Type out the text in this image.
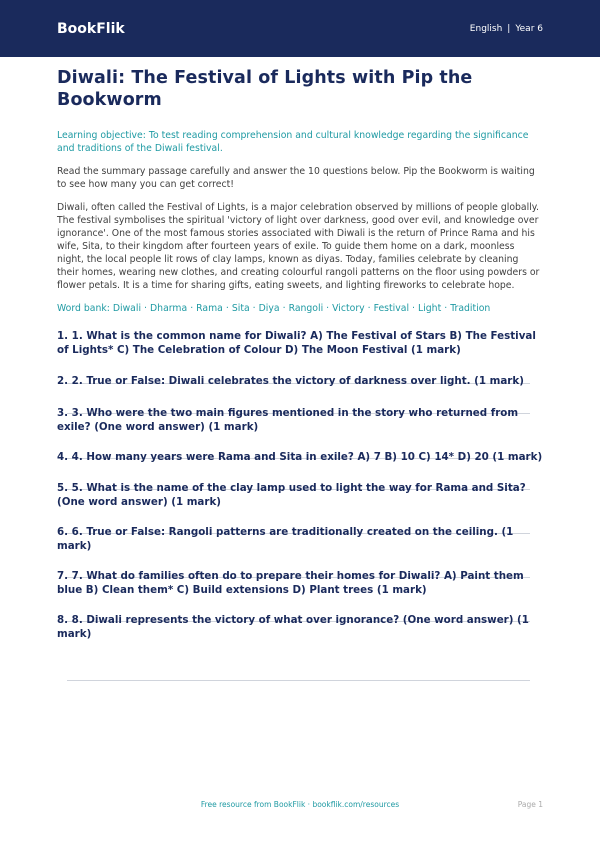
BookFlik	English | Year 6
Diwali: The Festival of Lights with Pip the Bookworm
Learning objective: To test reading comprehension and cultural knowledge regarding the significance and traditions of the Diwali festival.
Read the summary passage carefully and answer the 10 questions below. Pip the Bookworm is waiting to see how many you can get correct!
Diwali, often called the Festival of Lights, is a major celebration observed by millions of people globally. The festival symbolises the spiritual 'victory of light over darkness, good over evil, and knowledge over ignorance'. One of the most famous stories associated with Diwali is the return of Prince Rama and his wife, Sita, to their kingdom after fourteen years of exile. To guide them home on a dark, moonless night, the local people lit rows of clay lamps, known as diyas. Today, families celebrate by cleaning their homes, wearing new clothes, and creating colourful rangoli patterns on the floor using powders or flower petals. It is a time for sharing gifts, eating sweets, and lighting fireworks to celebrate hope.
Word bank: Diwali · Dharma · Rama · Sita · Diya · Rangoli · Victory · Festival · Light · Tradition
1. 1. What is the common name for Diwali? A) The Festival of Stars B) The Festival of Lights* C) The Celebration of Colour D) The Moon Festival (1 mark)
2. 2. True or False: Diwali celebrates the victory of darkness over light. (1 mark)
3. 3. Who were the two main figures mentioned in the story who returned from exile? (One word answer) (1 mark)
4. 4. How many years were Rama and Sita in exile? A) 7 B) 10 C) 14* D) 20 (1 mark)
5. 5. What is the name of the clay lamp used to light the way for Rama and Sita? (One word answer) (1 mark)
6. 6. True or False: Rangoli patterns are traditionally created on the ceiling. (1 mark)
7. 7. What do families often do to prepare their homes for Diwali? A) Paint them blue B) Clean them* C) Build extensions D) Plant trees (1 mark)
8. 8. Diwali represents the victory of what over ignorance? (One word answer) (1 mark)
Free resource from BookFlik · bookflik.com/resources	Page 1
